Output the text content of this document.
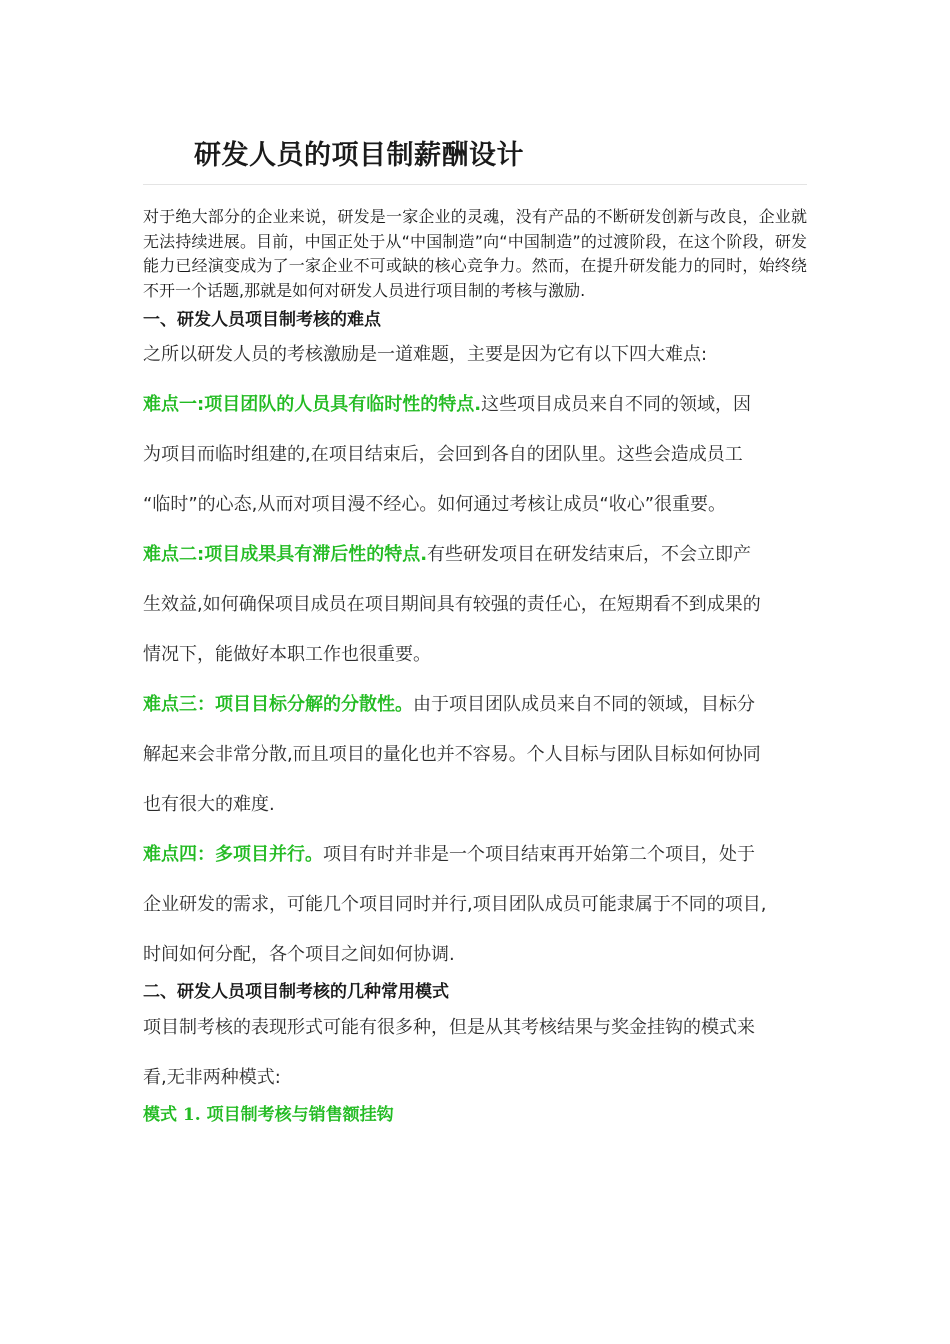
研发人员的项目制薪酬设计
对于绝大部分的企业来说，研发是一家企业的灵魂，没有产品的不断研发创新与改良，企业就无法持续进展。目前，中国正处于从“中国制造”向“中国制造”的过渡阶段，在这个阶段，研发能力已经演变成为了一家企业不可或缺的核心竞争力。然而，在提升研发能力的同时，始终绕不开一个话题,那就是如何对研发人员进行项目制的考核与激励.
一、研发人员项目制考核的难点
之所以研发人员的考核激励是一道难题，主要是因为它有以下四大难点:
难点一:项目团队的人员具有临时性的特点.这些项目成员来自不同的领域，因
为项目而临时组建的,在项目结束后，会回到各自的团队里。这些会造成员工
“临时”的心态,从而对项目漫不经心。如何通过考核让成员“收心”很重要。
难点二:项目成果具有滞后性的特点.有些研发项目在研发结束后，不会立即产
生效益,如何确保项目成员在项目期间具有较强的责任心，在短期看不到成果的
情况下，能做好本职工作也很重要。
难点三：项目目标分解的分散性。由于项目团队成员来自不同的领域，目标分
解起来会非常分散,而且项目的量化也并不容易。个人目标与团队目标如何协同
也有很大的难度.
难点四：多项目并行。项目有时并非是一个项目结束再开始第二个项目，处于
企业研发的需求，可能几个项目同时并行,项目团队成员可能隶属于不同的项目,
时间如何分配，各个项目之间如何协调.
二、研发人员项目制考核的几种常用模式
项目制考核的表现形式可能有很多种，但是从其考核结果与奖金挂钩的模式来
看,无非两种模式:
模式 1. 项目制考核与销售额挂钩
